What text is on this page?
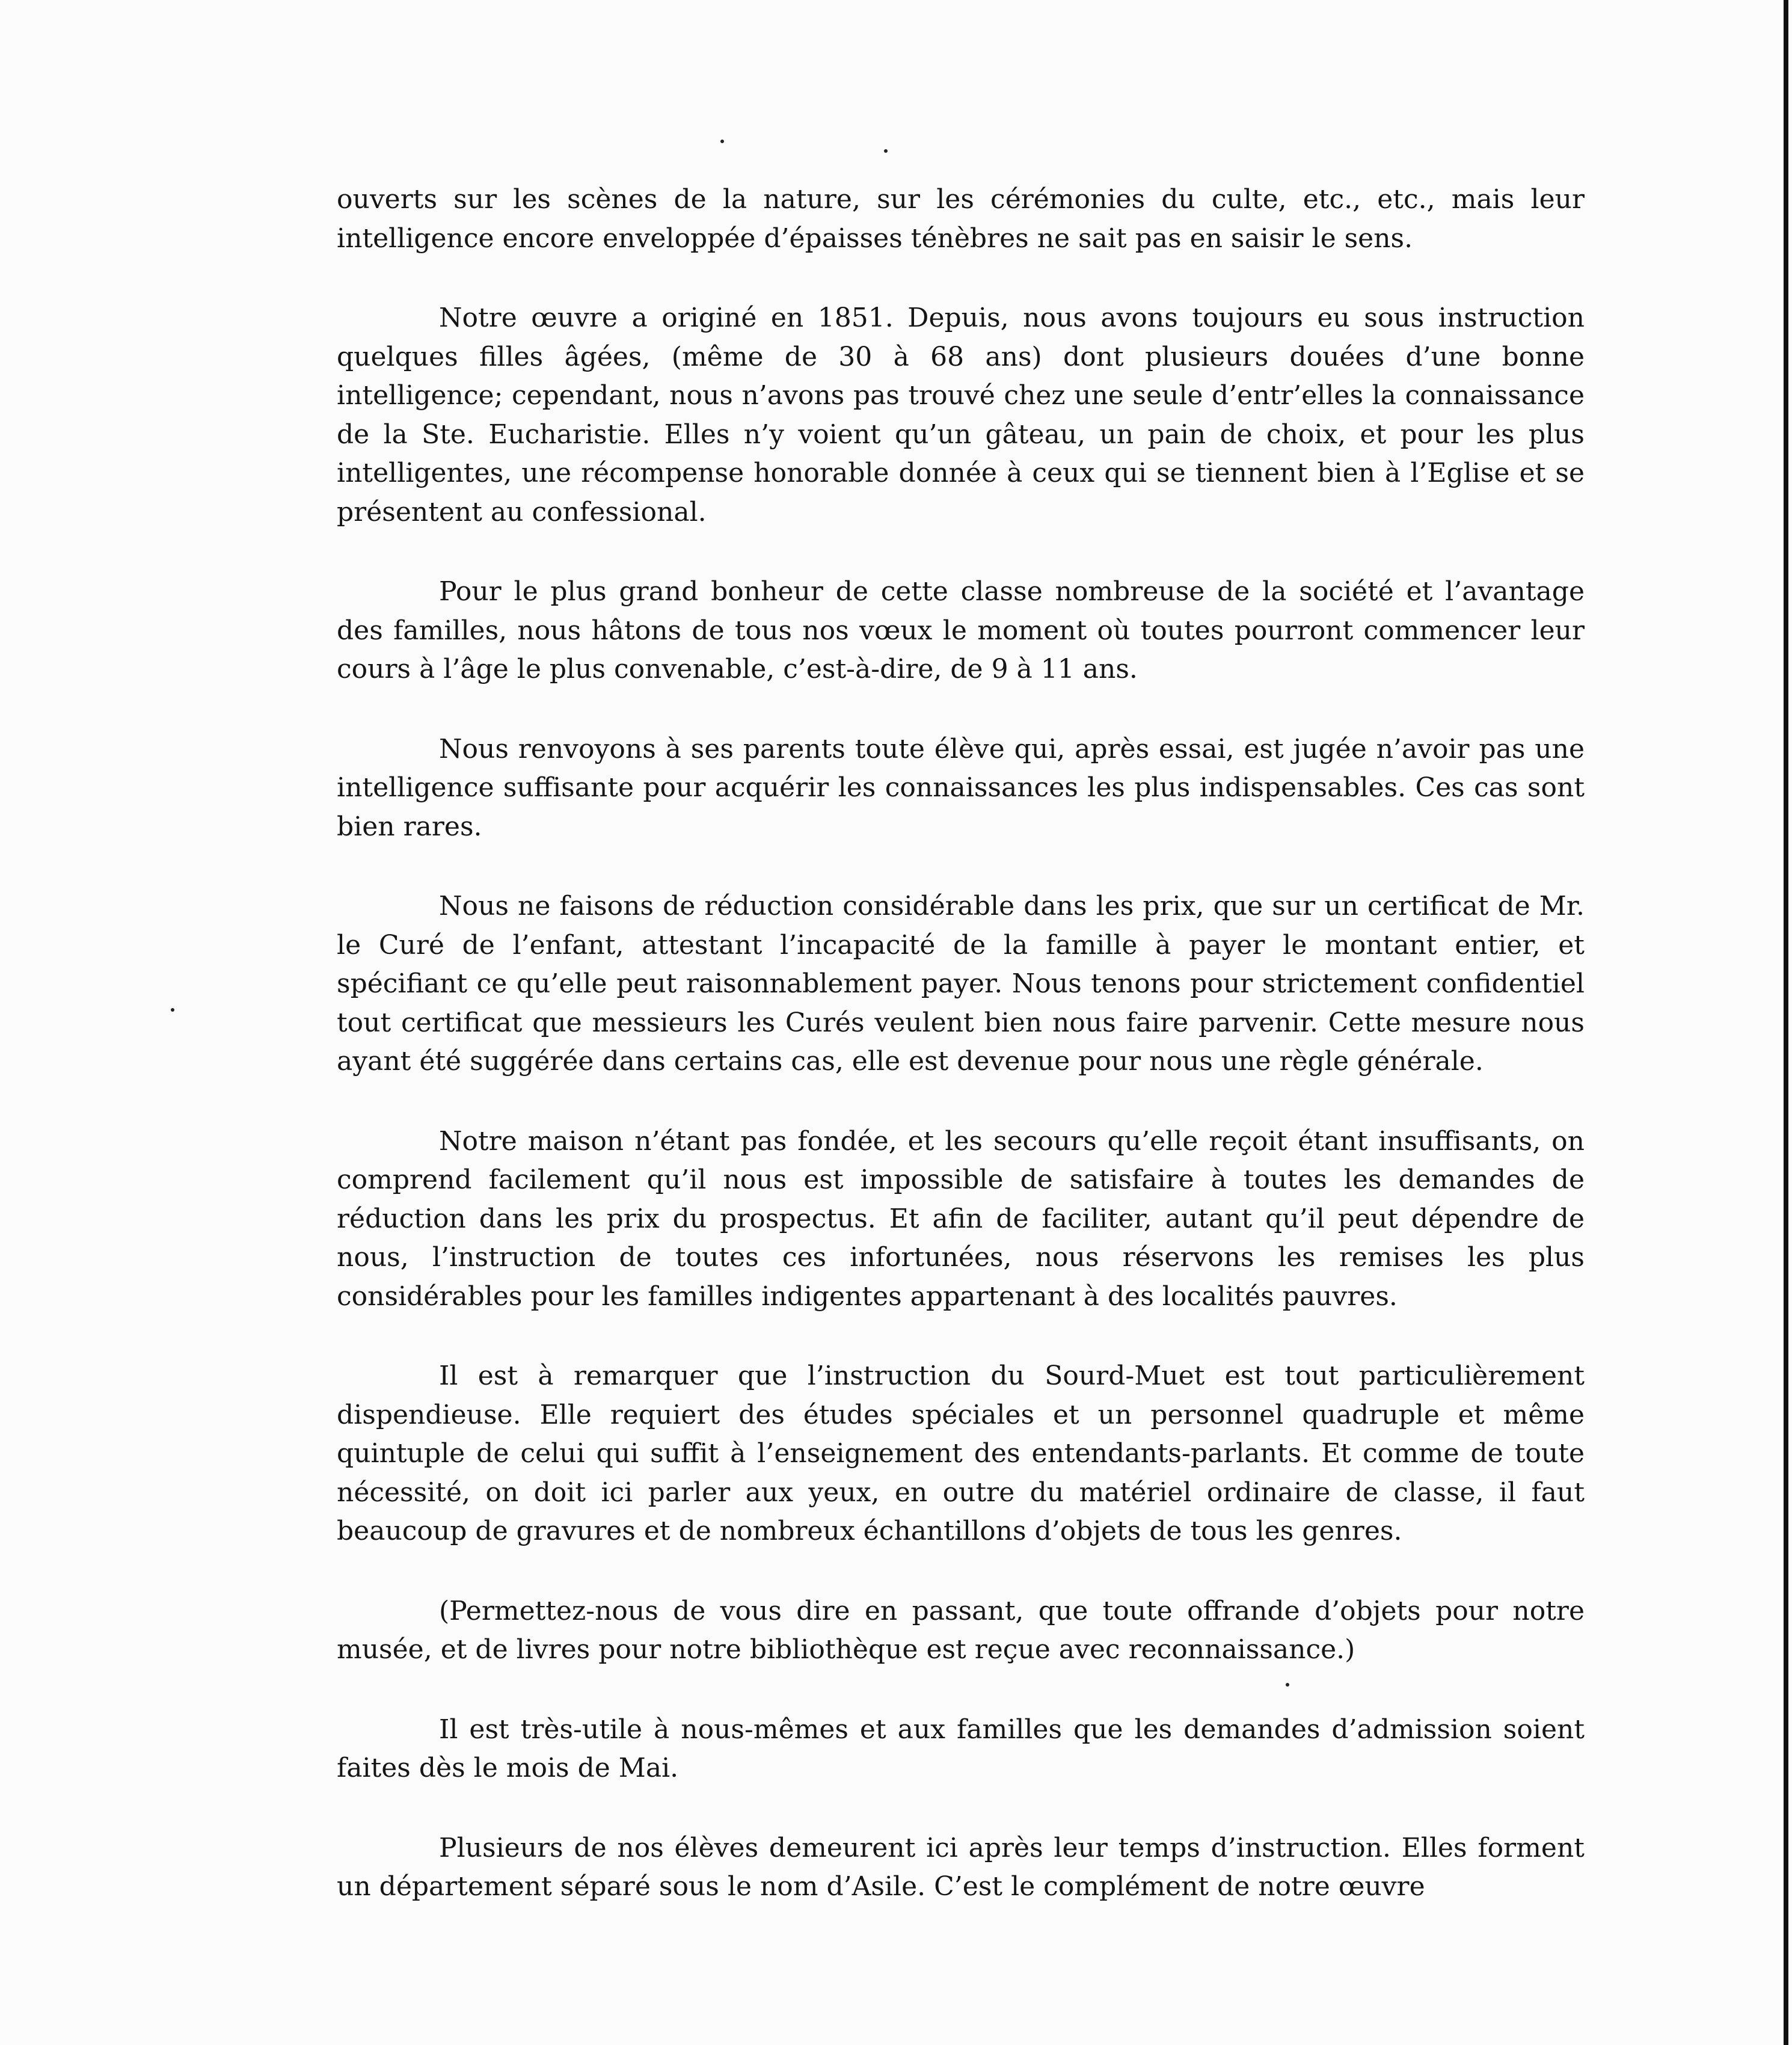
ouverts sur les scènes de la nature, sur les cérémonies du culte, etc., etc., mais leur intelligence encore enveloppée d’épaisses ténèbres ne sait pas en saisir le sens.

Notre œuvre a originé en 1851. Depuis, nous avons toujours eu sous instruction quelques filles âgées, (même de 30 à 68 ans) dont plusieurs douées d’une bonne intelligence; cependant, nous n’avons pas trouvé chez une seule d’entr’elles la connaissance de la Ste. Eucharistie. Elles n’y voient qu’un gâteau, un pain de choix, et pour les plus intelligentes, une récompense honorable donnée à ceux qui se tiennent bien à l’Eglise et se présentent au confessional.

Pour le plus grand bonheur de cette classe nombreuse de la société et l’avantage des familles, nous hâtons de tous nos vœux le moment où toutes pourront commencer leur cours à l’âge le plus convenable, c’est-à-dire, de 9 à 11 ans.

Nous renvoyons à ses parents toute élève qui, après essai, est jugée n’avoir pas une intelligence suffisante pour acquérir les connaissances les plus indispensables. Ces cas sont bien rares.

Nous ne faisons de réduction considérable dans les prix, que sur un certificat de Mr. le Curé de l’enfant, attestant l’incapacité de la famille à payer le montant entier, et spécifiant ce qu’elle peut raisonnablement payer. Nous tenons pour strictement confidentiel tout certificat que messieurs les Curés veulent bien nous faire parvenir. Cette mesure nous ayant été suggérée dans certains cas, elle est devenue pour nous une règle générale.

Notre maison n’étant pas fondée, et les secours qu’elle reçoit étant insuffisants, on comprend facilement qu’il nous est impossible de satisfaire à toutes les demandes de réduction dans les prix du prospectus. Et afin de faciliter, autant qu’il peut dépendre de nous, l’instruction de toutes ces infortunées, nous réservons les remises les plus considérables pour les familles indigentes appartenant à des localités pauvres.

Il est à remarquer que l’instruction du Sourd-Muet est tout particulièrement dispendieuse. Elle requiert des études spéciales et un personnel quadruple et même quintuple de celui qui suffit à l’enseignement des entendants-parlants. Et comme de toute nécessité, on doit ici parler aux yeux, en outre du matériel ordinaire de classe, il faut beaucoup de gravures et de nombreux échantillons d’objets de tous les genres.

(Permettez-nous de vous dire en passant, que toute offrande d’objets pour notre musée, et de livres pour notre bibliothèque est reçue avec reconnaissance.)

Il est très-utile à nous-mêmes et aux familles que les demandes d’admission soient faites dès le mois de Mai.

Plusieurs de nos élèves demeurent ici après leur temps d’instruction. Elles forment un département séparé sous le nom d’Asile. C’est le complément de notre œuvre
